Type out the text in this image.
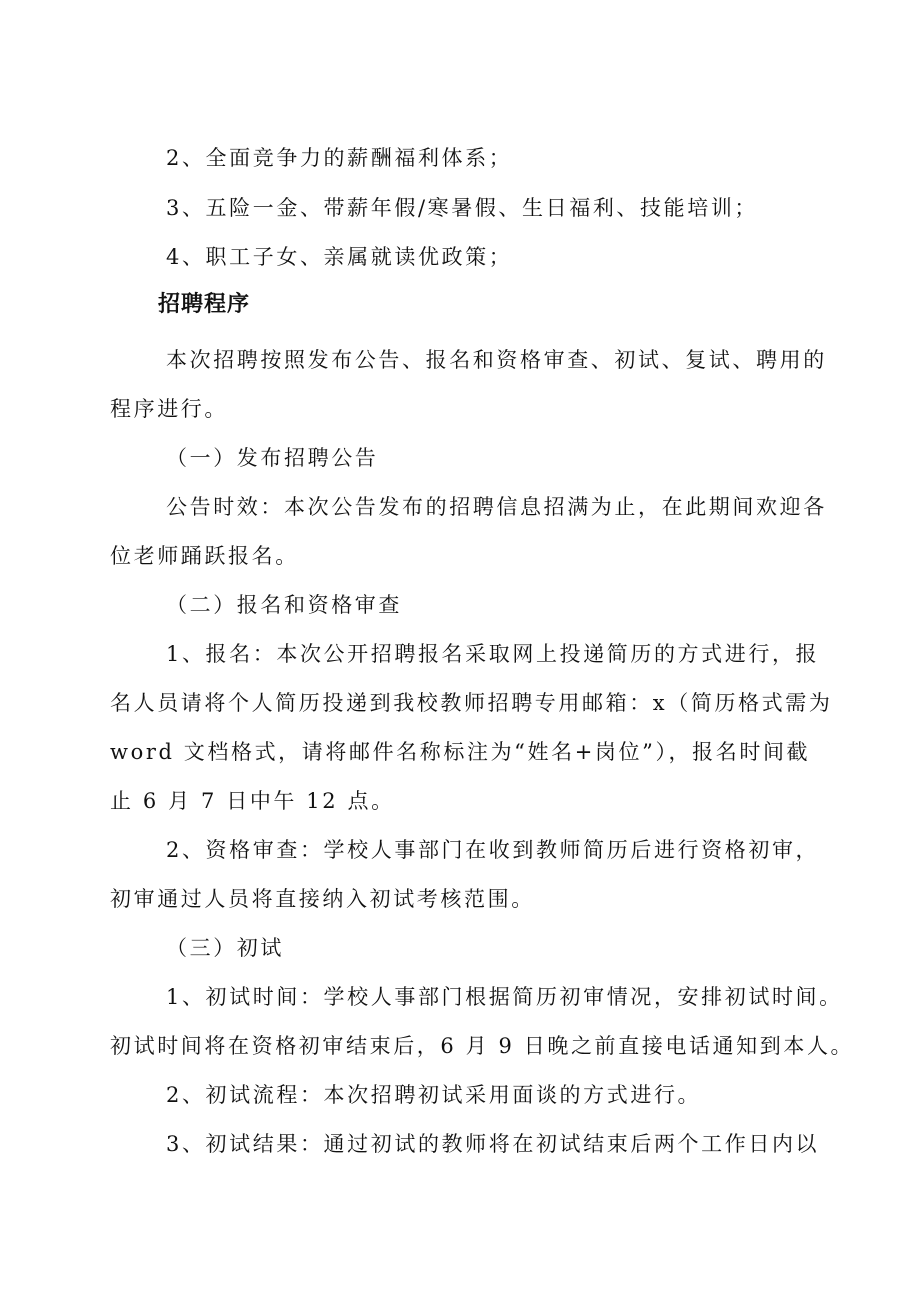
2、全面竞争力的薪酬福利体系；
3、五险一金、带薪年假/寒暑假、生日福利、技能培训；
4、职工子女、亲属就读优政策；
招聘程序
本次招聘按照发布公告、报名和资格审查、初试、复试、聘用的
程序进行。
（一）发布招聘公告
公告时效：本次公告发布的招聘信息招满为止，在此期间欢迎各
位老师踊跃报名。
（二）报名和资格审查
1、报名：本次公开招聘报名采取网上投递简历的方式进行，报
名人员请将个人简历投递到我校教师招聘专用邮箱：x（简历格式需为
word 文档格式，请将邮件名称标注为“姓名+岗位”），报名时间截
止 6 月 7 日中午 12 点。
2、资格审查：学校人事部门在收到教师简历后进行资格初审，
初审通过人员将直接纳入初试考核范围。
（三）初试
1、初试时间：学校人事部门根据简历初审情况，安排初试时间。
初试时间将在资格初审结束后，6 月 9 日晚之前直接电话通知到本人。
2、初试流程：本次招聘初试采用面谈的方式进行。
3、初试结果：通过初试的教师将在初试结束后两个工作日内以
